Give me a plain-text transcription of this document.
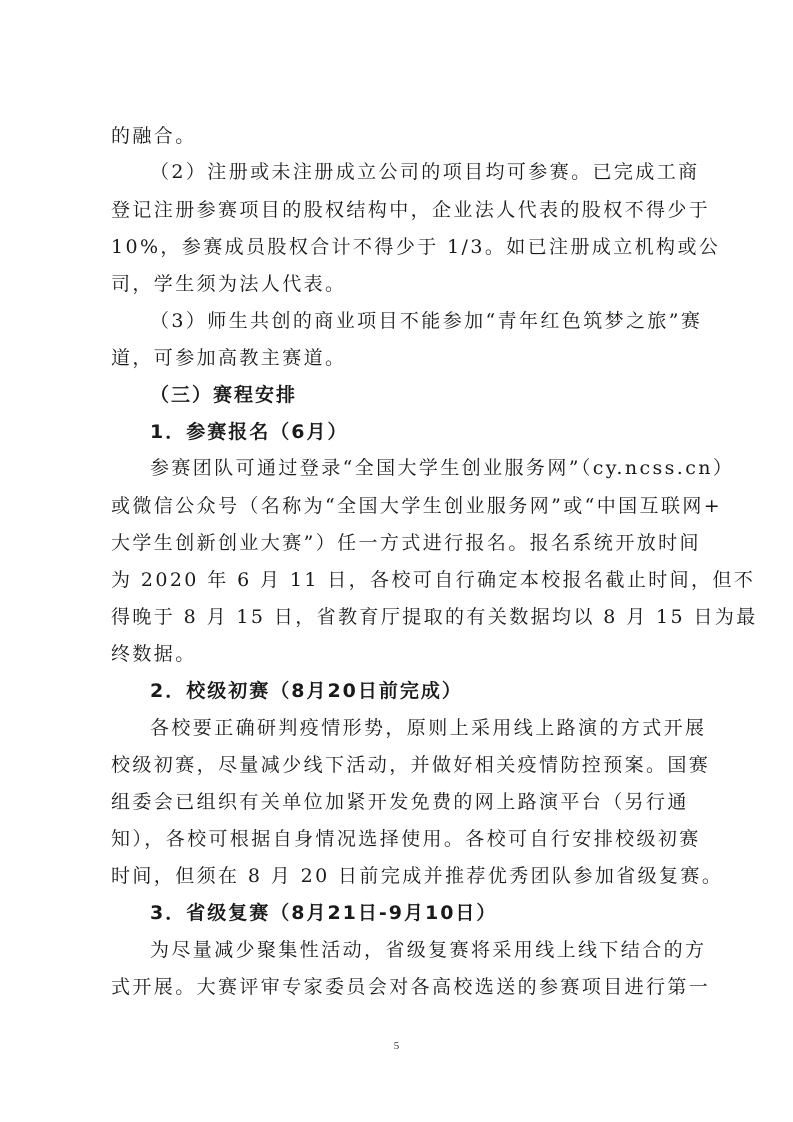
的融合。
（2）注册或未注册成立公司的项目均可参赛。已完成工商
登记注册参赛项目的股权结构中，企业法人代表的股权不得少于
10%，参赛成员股权合计不得少于 1/3。如已注册成立机构或公
司，学生须为法人代表。
（3）师生共创的商业项目不能参加“青年红色筑梦之旅”赛
道，可参加高教主赛道。
（三）赛程安排
1．参赛报名（6月）
参赛团队可通过登录“全国大学生创业服务网”（cy.ncss.cn）
或微信公众号（名称为“全国大学生创业服务网”或“中国互联网+
大学生创新创业大赛”）任一方式进行报名。报名系统开放时间
为 2020 年 6 月 11 日，各校可自行确定本校报名截止时间，但不
得晚于 8 月 15 日，省教育厅提取的有关数据均以 8 月 15 日为最
终数据。
2．校级初赛（8月20日前完成）
各校要正确研判疫情形势，原则上采用线上路演的方式开展
校级初赛，尽量减少线下活动，并做好相关疫情防控预案。国赛
组委会已组织有关单位加紧开发免费的网上路演平台（另行通
知），各校可根据自身情况选择使用。各校可自行安排校级初赛
时间，但须在 8 月 20 日前完成并推荐优秀团队参加省级复赛。
3．省级复赛（8月21日-9月10日）
为尽量减少聚集性活动，省级复赛将采用线上线下结合的方
式开展。大赛评审专家委员会对各高校选送的参赛项目进行第一
5
